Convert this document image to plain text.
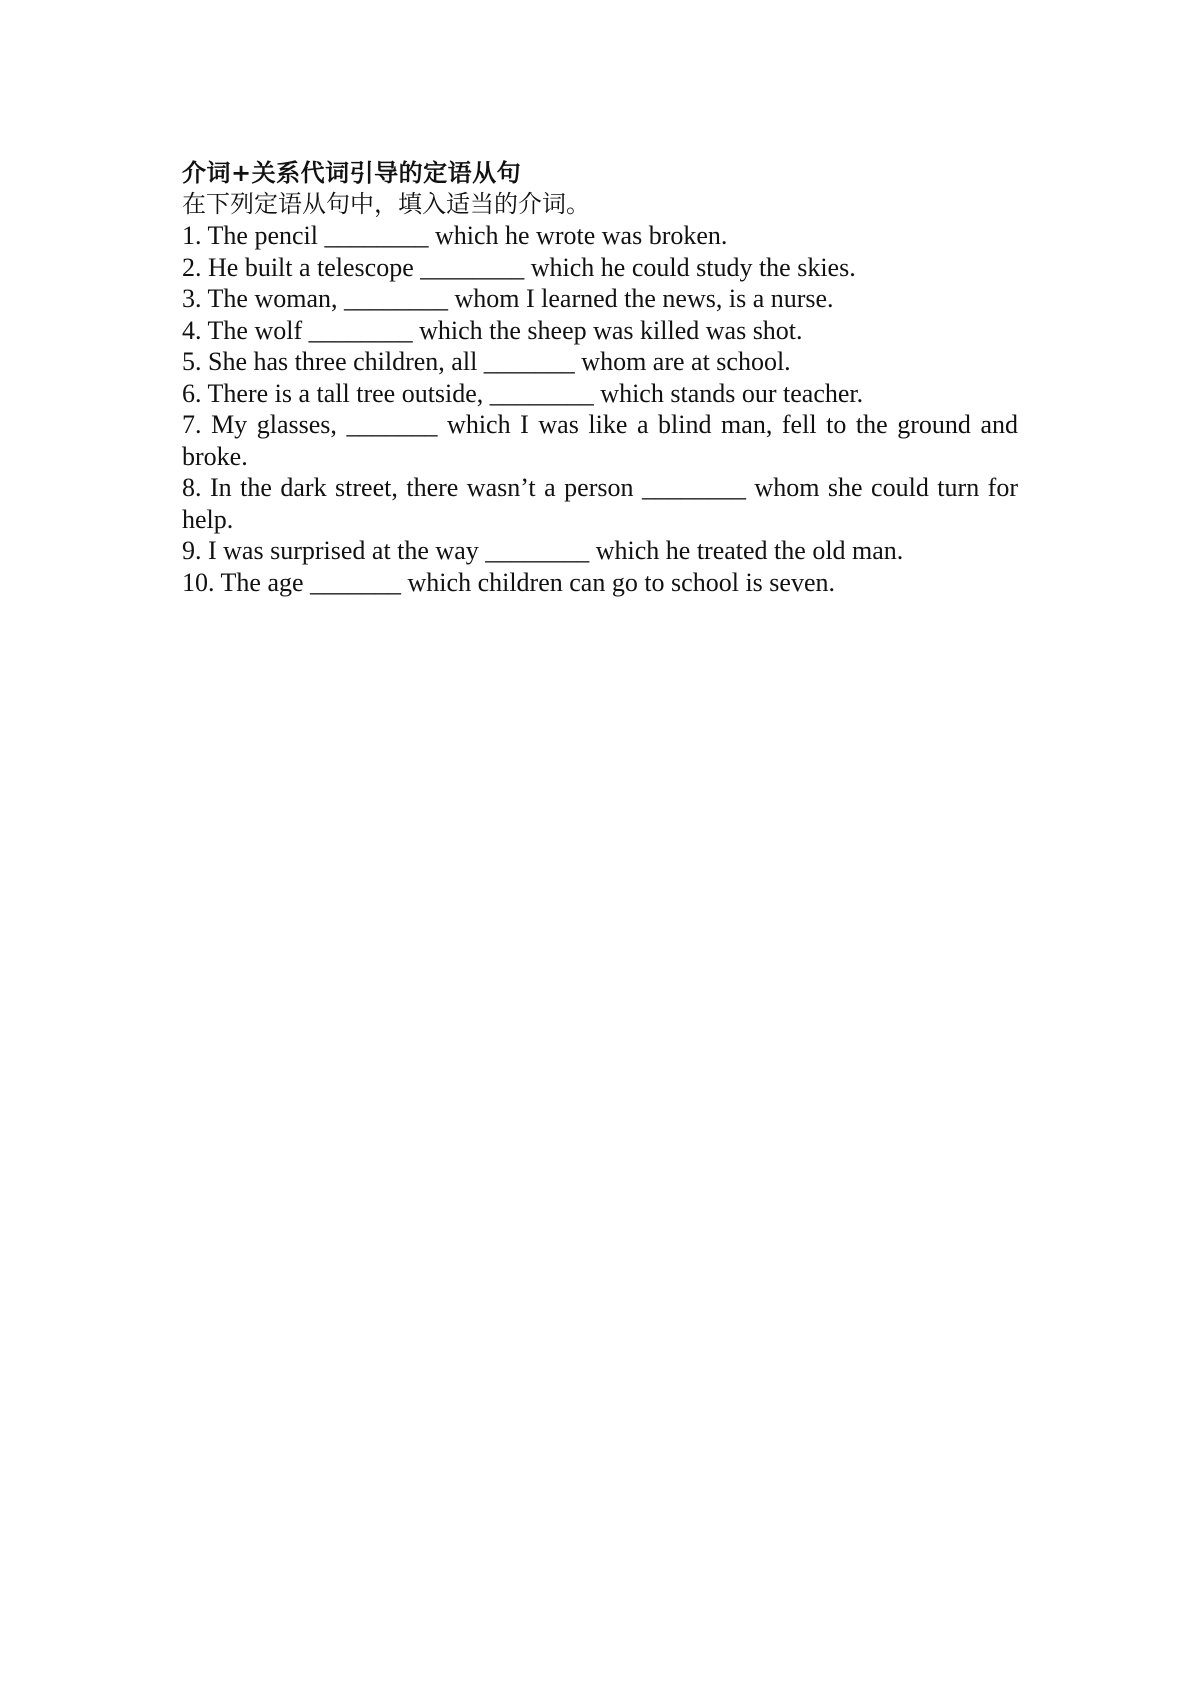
介词+关系代词引导的定语从句
在下列定语从句中，填入适当的介词。
1. The pencil ________ which he wrote was broken.
2. He built a telescope ________ which he could study the skies.
3. The woman, ________ whom I learned the news, is a nurse.
4. The wolf ________ which the sheep was killed was shot.
5. She has three children, all _______ whom are at school.
6. There is a tall tree outside, ________ which stands our teacher.
7. My glasses, _______ which I was like a blind man, fell to the ground and broke.
8. In the dark street, there wasn’t a person ________ whom she could turn for help.
9. I was surprised at the way ________ which he treated the old man.
10. The age _______ which children can go to school is seven.
